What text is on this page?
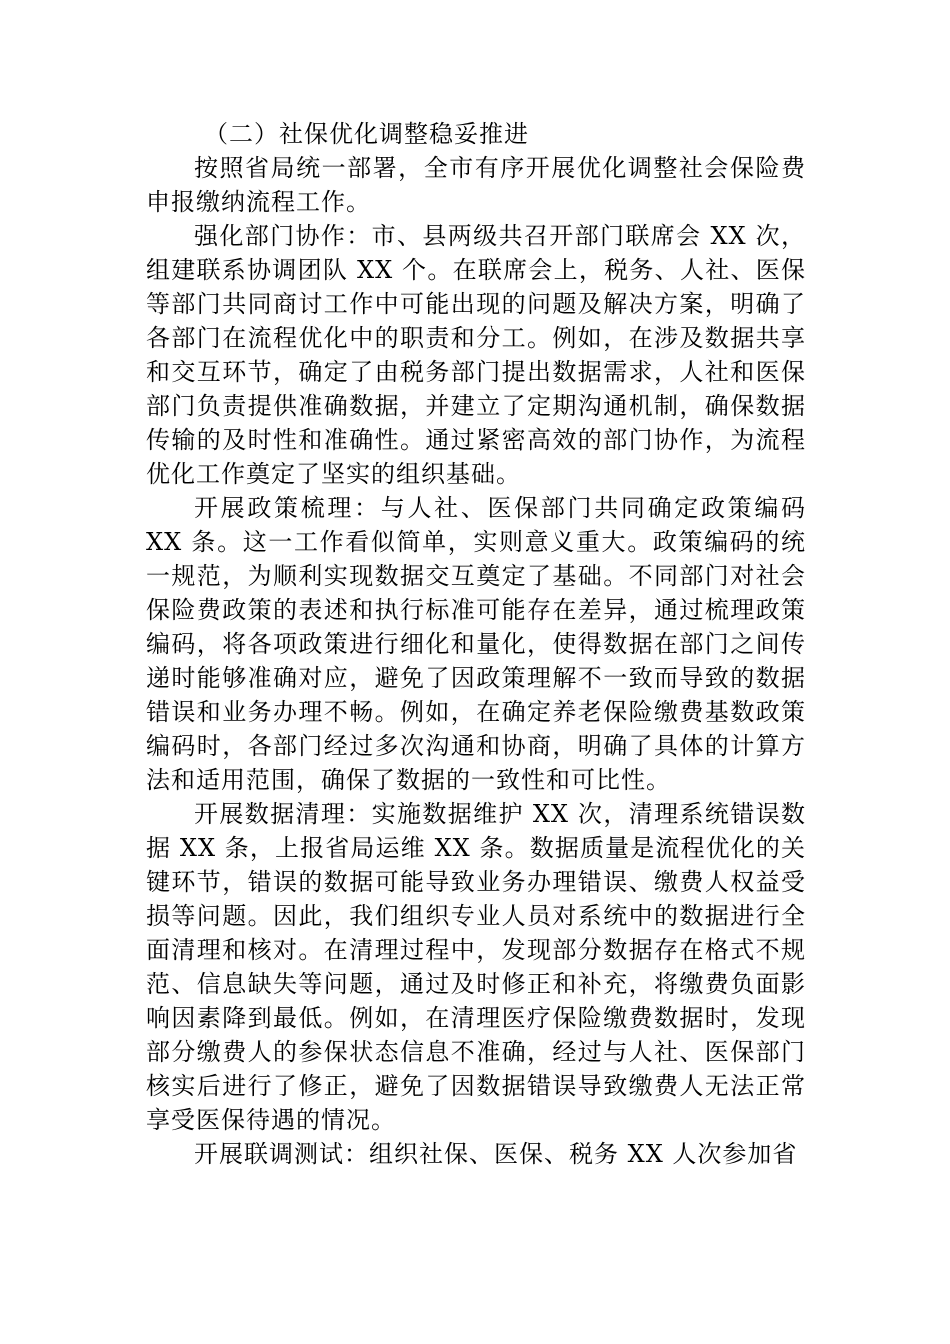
（二）社保优化调整稳妥推进

按照省局统一部署，全市有序开展优化调整社会保险费申报缴纳流程工作。

强化部门协作：市、县两级共召开部门联席会 XX 次，组建联系协调团队 XX 个。在联席会上，税务、人社、医保等部门共同商讨工作中可能出现的问题及解决方案，明确了各部门在流程优化中的职责和分工。例如，在涉及数据共享和交互环节，确定了由税务部门提出数据需求，人社和医保部门负责提供准确数据，并建立了定期沟通机制，确保数据传输的及时性和准确性。通过紧密高效的部门协作，为流程优化工作奠定了坚实的组织基础。

开展政策梳理：与人社、医保部门共同确定政策编码 XX 条。这一工作看似简单，实则意义重大。政策编码的统一规范，为顺利实现数据交互奠定了基础。不同部门对社会保险费政策的表述和执行标准可能存在差异，通过梳理政策编码，将各项政策进行细化和量化，使得数据在部门之间传递时能够准确对应，避免了因政策理解不一致而导致的数据错误和业务办理不畅。例如，在确定养老保险缴费基数政策编码时，各部门经过多次沟通和协商，明确了具体的计算方法和适用范围，确保了数据的一致性和可比性。

开展数据清理：实施数据维护 XX 次，清理系统错误数据 XX 条，上报省局运维 XX 条。数据质量是流程优化的关键环节，错误的数据可能导致业务办理错误、缴费人权益受损等问题。因此，我们组织专业人员对系统中的数据进行全面清理和核对。在清理过程中，发现部分数据存在格式不规范、信息缺失等问题，通过及时修正和补充，将缴费负面影响因素降到最低。例如，在清理医疗保险缴费数据时，发现部分缴费人的参保状态信息不准确，经过与人社、医保部门核实后进行了修正，避免了因数据错误导致缴费人无法正常享受医保待遇的情况。

开展联调测试：组织社保、医保、税务 XX 人次参加省
